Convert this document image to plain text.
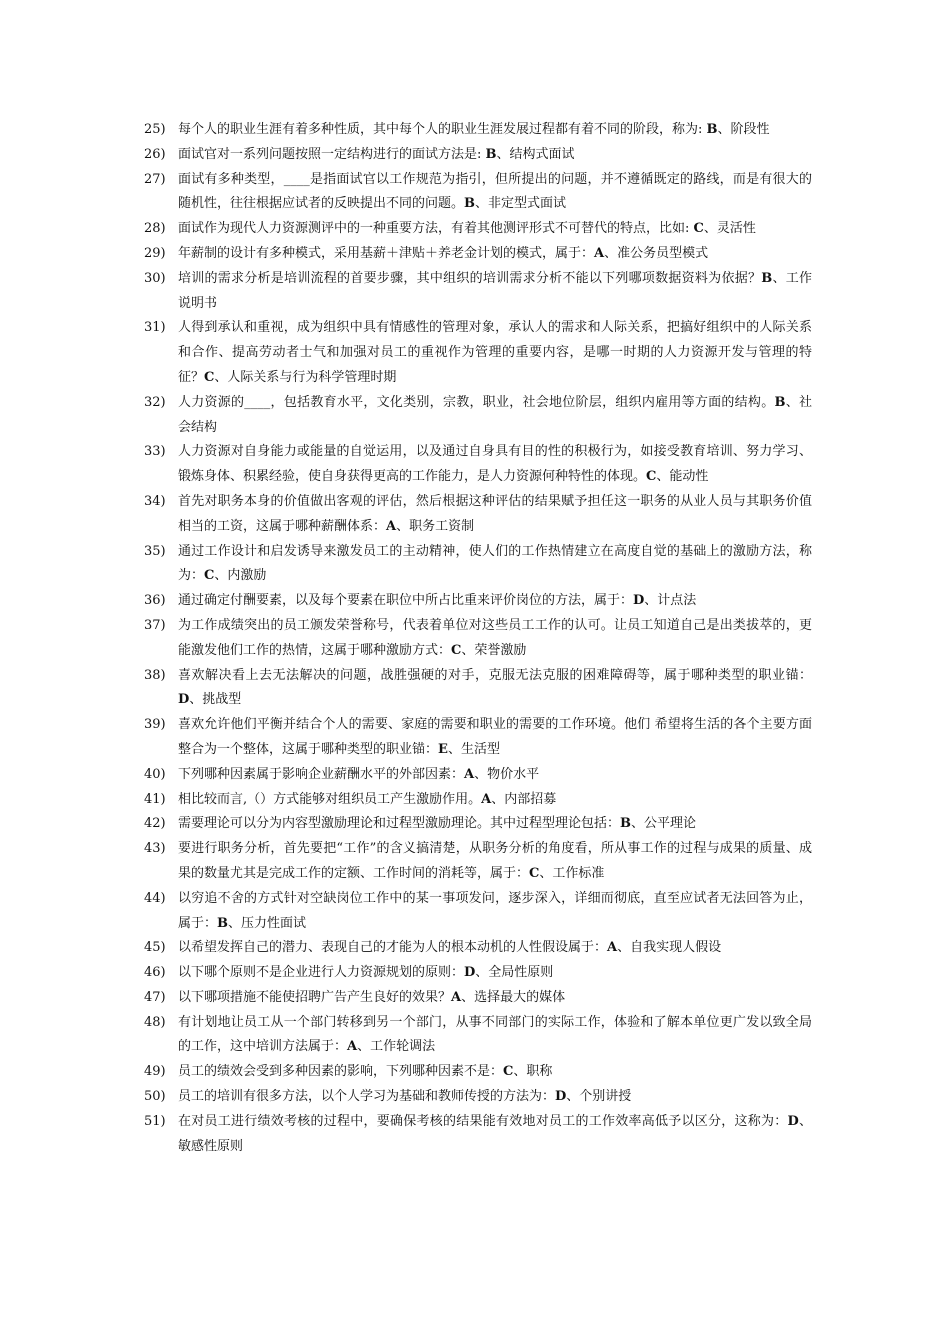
25) 每个人的职业生涯有着多种性质，其中每个人的职业生涯发展过程都有着不同的阶段，称为: B、阶段性
26) 面试官对一系列问题按照一定结构进行的面试方法是: B、结构式面试
27) 面试有多种类型，____是指面试官以工作规范为指引，但所提出的问题，并不遵循既定的路线，而是有很大的随机性，往往根据应试者的反映提出不同的问题。B、非定型式面试
28) 面试作为现代人力资源测评中的一种重要方法，有着其他测评形式不可替代的特点，比如: C、灵活性
29) 年薪制的设计有多种模式，采用基薪＋津贴＋养老金计划的模式，属于：A、准公务员型模式
30) 培训的需求分析是培训流程的首要步骤，其中组织的培训需求分析不能以下列哪项数据资料为依据？B、工作说明书
31) 人得到承认和重视，成为组织中具有情感性的管理对象，承认人的需求和人际关系，把搞好组织中的人际关系和合作、提高劳动者士气和加强对员工的重视作为管理的重要内容，是哪一时期的人力资源开发与管理的特征？C、人际关系与行为科学管理时期
32) 人力资源的____，包括教育水平，文化类别，宗教，职业，社会地位阶层，组织内雇用等方面的结构。B、社会结构
33) 人力资源对自身能力或能量的自觉运用，以及通过自身具有目的性的积极行为，如接受教育培训、努力学习、锻炼身体、积累经验，使自身获得更高的工作能力，是人力资源何种特性的体现。C、能动性
34) 首先对职务本身的价值做出客观的评估，然后根据这种评估的结果赋予担任这一职务的从业人员与其职务价值相当的工资，这属于哪种薪酬体系：A、职务工资制
35) 通过工作设计和启发诱导来激发员工的主动精神，使人们的工作热情建立在高度自觉的基础上的激励方法，称为：C、内激励
36) 通过确定付酬要素，以及每个要素在职位中所占比重来评价岗位的方法，属于：D、计点法
37) 为工作成绩突出的员工颁发荣誉称号，代表着单位对这些员工工作的认可。让员工知道自己是出类拔萃的，更能激发他们工作的热情，这属于哪种激励方式：C、荣誉激励
38) 喜欢解决看上去无法解决的问题，战胜强硬的对手，克服无法克服的困难障碍等，属于哪种类型的职业锚：D、挑战型
39) 喜欢允许他们平衡并结合个人的需要、家庭的需要和职业的需要的工作环境。他们 希望将生活的各个主要方面整合为一个整体，这属于哪种类型的职业锚：E、生活型
40) 下列哪种因素属于影响企业薪酬水平的外部因素：A、物价水平
41) 相比较而言,（）方式能够对组织员工产生激励作用。A、内部招募
42) 需要理论可以分为内容型激励理论和过程型激励理论。其中过程型理论包括：B、公平理论
43) 要进行职务分析，首先要把“工作”的含义搞清楚，从职务分析的角度看，所从事工作的过程与成果的质量、成果的数量尤其是完成工作的定额、工作时间的消耗等，属于：C、工作标准
44) 以穷追不舍的方式针对空缺岗位工作中的某一事项发问，逐步深入，详细而彻底，直至应试者无法回答为止，属于：B、压力性面试
45) 以希望发挥自己的潜力、表现自己的才能为人的根本动机的人性假设属于：A、自我实现人假设
46) 以下哪个原则不是企业进行人力资源规划的原则：D、全局性原则
47) 以下哪项措施不能使招聘广告产生良好的效果？A、选择最大的媒体
48) 有计划地让员工从一个部门转移到另一个部门，从事不同部门的实际工作，体验和了解本单位更广发以致全局的工作，这中培训方法属于：A、工作轮调法
49) 员工的绩效会受到多种因素的影响，下列哪种因素不是：C、职称
50) 员工的培训有很多方法，以个人学习为基础和教师传授的方法为：D、个别讲授
51) 在对员工进行绩效考核的过程中，要确保考核的结果能有效地对员工的工作效率高低予以区分，这称为：D、敏感性原则
